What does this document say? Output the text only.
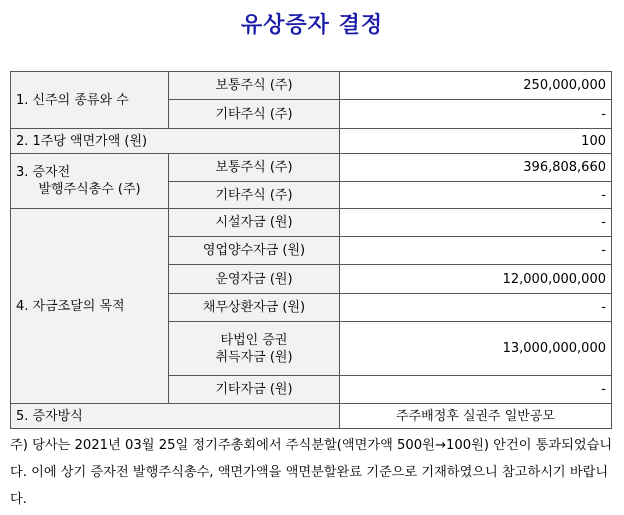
유상증자 결정
1. 신주의 종류와 수	보통주식 (주)	250,000,000
	기타주식 (주)	-
2. 1주당 액면가액 (원)		100
3. 증자전

발행주식총수 (주)	보통주식 (주)	396,808,660
	기타주식 (주)	-
4. 자금조달의 목적	시설자금 (원)	-
	영업양수자금 (원)	-
	운영자금 (원)	12,000,000,000
	채무상환자금 (원)	-
	타법인 증권
취득자금 (원)	13,000,000,000
	기타자금 (원)	-
5. 증자방식		주주배정후 실권주 일반공모
주) 당사는 2021년 03월 25일 정기주총회에서 주식분할(액면가액 500원→100원) 안건이 통과되었습니다. 이에 상기 증자전 발행주식총수, 액면가액을 액면분할완료 기준으로 기재하였으니 참고하시기 바랍니다.
